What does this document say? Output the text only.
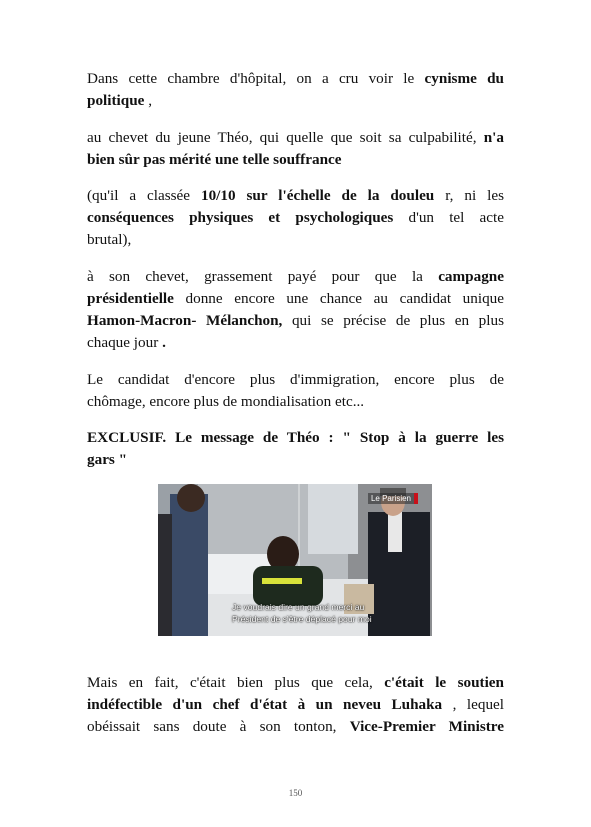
Dans cette chambre d'hôpital, on a cru voir le cynisme du
politique ,
au chevet du jeune Théo, qui quelle que soit sa culpabilité, n'a
bien sûr pas mérité une telle souffrance
(qu'il a classée 10/10 sur l'échelle de la douleu r, ni les
conséquences physiques et psychologiques d'un tel acte
brutal),
à son chevet, grassement payé pour que la campagne
présidentielle donne encore une chance au candidat unique
Hamon-Macron- Mélanchon, qui se précise de plus en plus
chaque jour .
Le candidat d'encore plus d'immigration, encore plus de
chômage, encore plus de mondialisation etc...
EXCLUSIF. Le message de Théo : " Stop à la guerre les
gars "
Le Parisien
Je voudrais dire un grand merci au
Président de s'être déplacé pour moi
Mais en fait, c'était bien plus que cela, c'était le soutien
indéfectible d'un chef d'état à un neveu Luhaka , lequel
obéissait sans doute à son tonton, Vice-Premier Ministre
150
